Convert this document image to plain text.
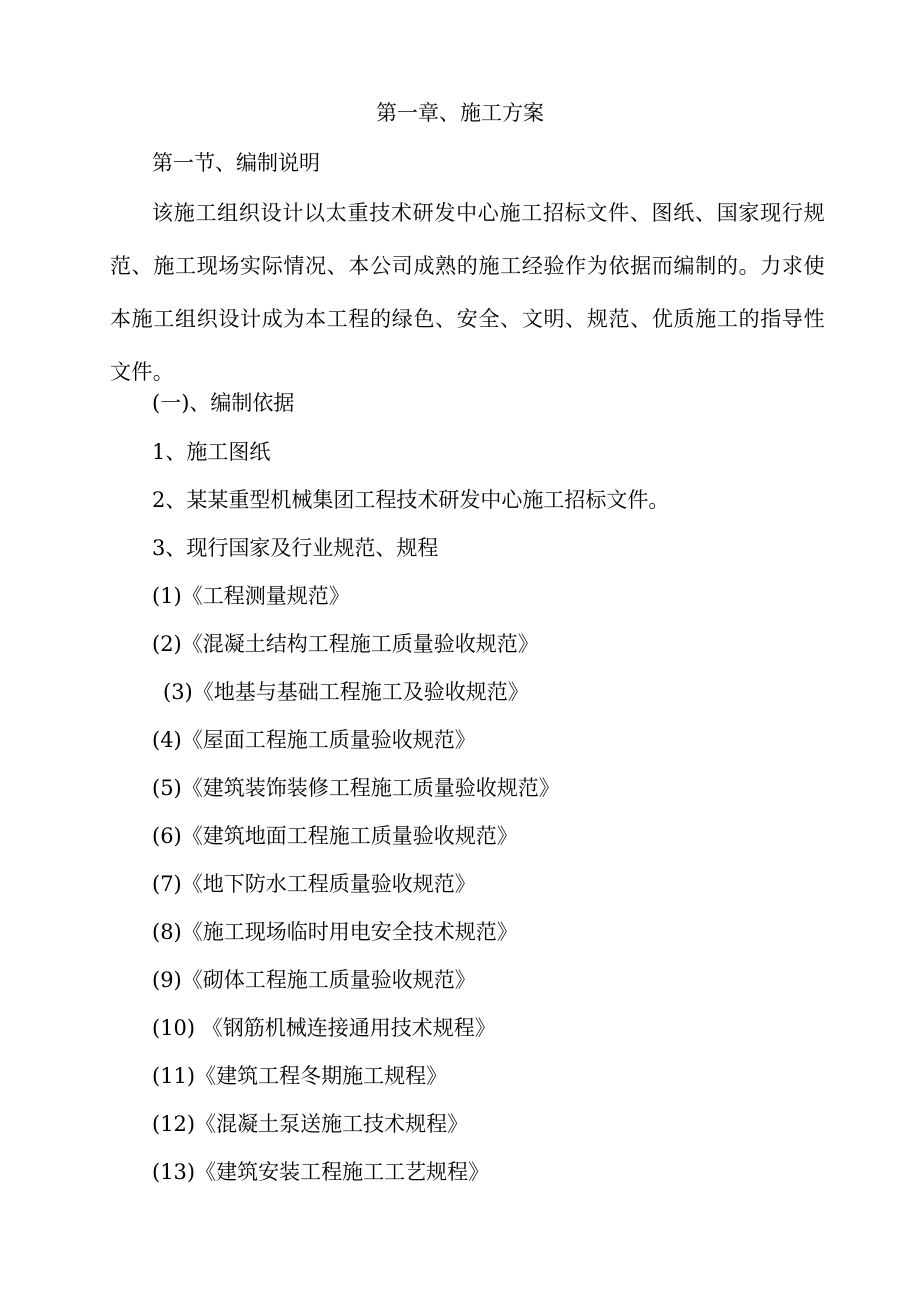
第一章、施工方案
第一节、编制说明
该施工组织设计以太重技术研发中心施工招标文件、图纸、国家现行规范、施工现场实际情况、本公司成熟的施工经验作为依据而编制的。力求使本施工组织设计成为本工程的绿色、安全、文明、规范、优质施工的指导性文件。
(一)、编制依据
1、施工图纸
2、某某重型机械集团工程技术研发中心施工招标文件。
3、现行国家及行业规范、规程
(1)《工程测量规范》
(2)《混凝土结构工程施工质量验收规范》
(3)《地基与基础工程施工及验收规范》
(4)《屋面工程施工质量验收规范》
(5)《建筑装饰装修工程施工质量验收规范》
(6)《建筑地面工程施工质量验收规范》
(7)《地下防水工程质量验收规范》
(8)《施工现场临时用电安全技术规范》
(9)《砌体工程施工质量验收规范》
(10) 《钢筋机械连接通用技术规程》
(11)《建筑工程冬期施工规程》
(12)《混凝土泵送施工技术规程》
(13)《建筑安装工程施工工艺规程》
